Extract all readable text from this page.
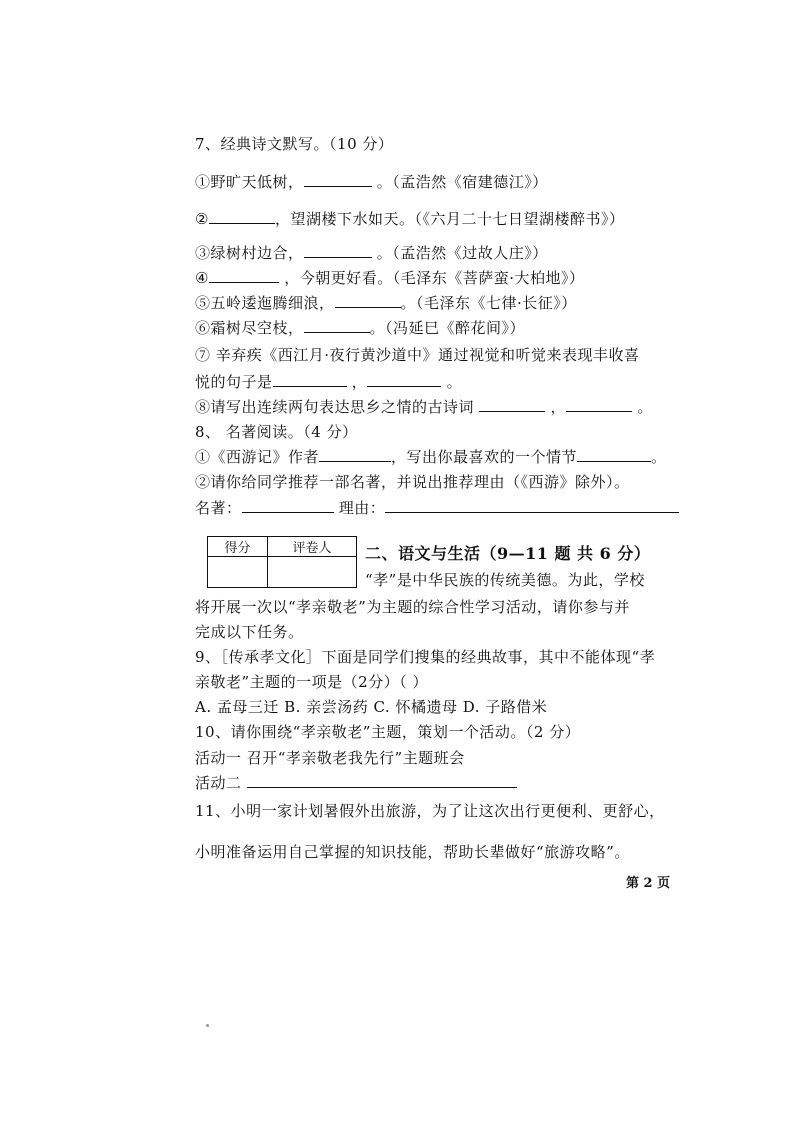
7、经典诗文默写。（10 分）
①野旷天低树，	。（孟浩然《宿建德江》）
②	，望湖楼下水如天。（《六月二十七日望湖楼醉书》）
③绿树村边合，	。（孟浩然《过故人庄》）
④	，今朝更好看。（毛泽东《菩萨蛮·大柏地》）
⑤五岭逶迤腾细浪，	。（毛泽东《七律·长征》）
⑥霜树尽空枝，	。（冯延巳《醉花间》）
⑦ 辛弃疾《西江月·夜行黄沙道中》通过视觉和听觉来表现丰收喜
悦的句子是	，	。
⑧请写出连续两句表达思乡之情的古诗词	，	。
8、 名著阅读。（4 分）
①《西游记》作者	，写出你最喜欢的一个情节	。
②请你给同学推荐一部名著，并说出推荐理由（《西游》除外）。
名著：	理由：
得分	评卷人
	二、语文与生活（9—11 题 共 6 分）
“孝”是中华民族的传统美德。为此，学校
将开展一次以“孝亲敬老”为主题的综合性学习活动，请你参与并
完成以下任务。
9、［传承孝文化］下面是同学们搜集的经典故事，其中不能体现“孝
亲敬老”主题的一项是（2分）（ ）
A. 孟母三迁 B. 亲尝汤药 C. 怀橘遗母 D. 子路借米
10、请你围绕“孝亲敬老”主题，策划一个活动。（2 分）
活动一 召开“孝亲敬老我先行”主题班会
活动二
11、小明一家计划暑假外出旅游，为了让这次出行更便利、更舒心，
小明准备运用自己掌握的知识技能，帮助长辈做好“旅游攻略”。
第 2 页
